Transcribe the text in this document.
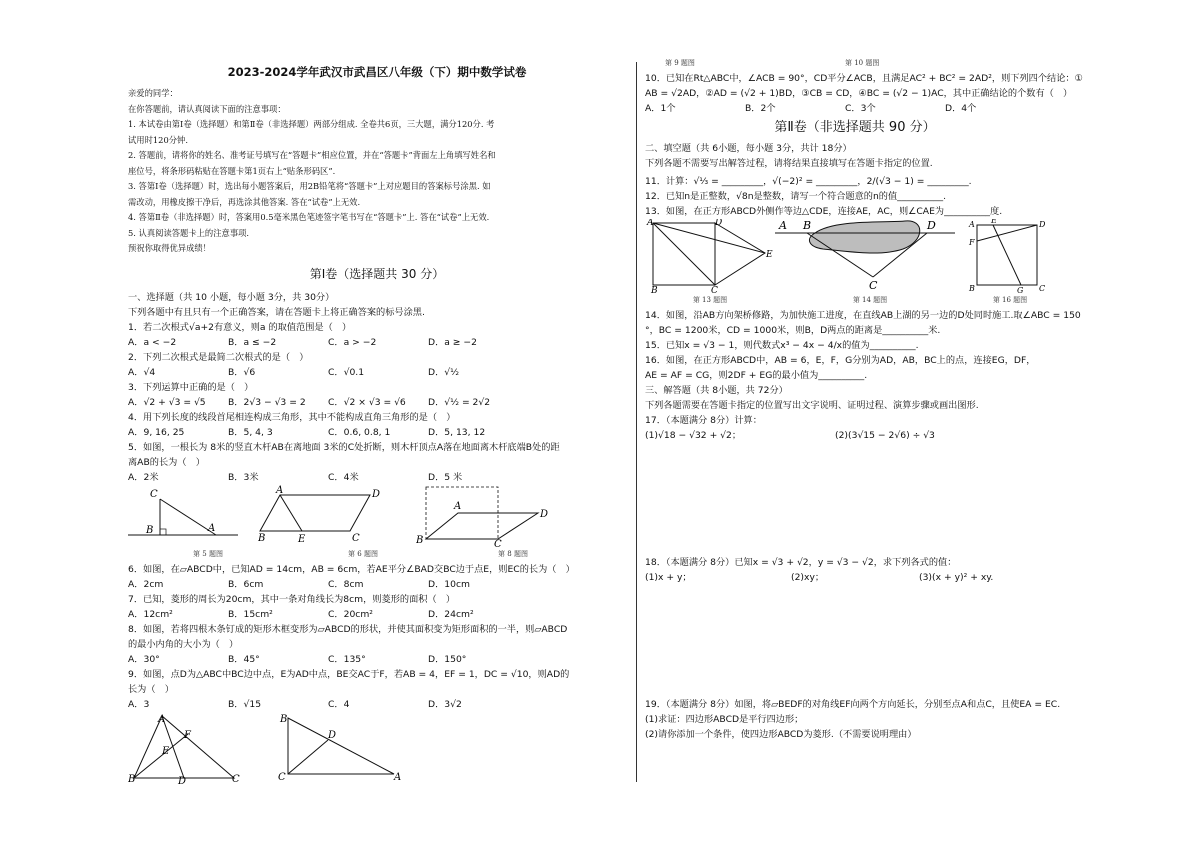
2023-2024学年武汉市武昌区八年级（下）期中数学试卷
亲爱的同学：
在你答题前，请认真阅读下面的注意事项：
1. 本试卷由第Ⅰ卷（选择题）和第Ⅱ卷（非选择题）两部分组成. 全卷共6页，三大题，满分120分. 考
试用时120分钟.
2. 答题前，请将你的姓名、准考证号填写在“答题卡”相应位置，并在“答题卡”背面左上角填写姓名和
座位号，将条形码粘贴在答题卡第1页右上“贴条形码区”.
3. 答第Ⅰ卷（选择题）时，选出每小题答案后，用2B铅笔将“答题卡”上对应题目的答案标号涂黑. 如
需改动，用橡皮擦干净后，再选涂其他答案. 答在“试卷”上无效.
4. 答第Ⅱ卷（非选择题）时，答案用0.5毫米黑色笔迹签字笔书写在“答题卡”上. 答在“试卷”上无效.
5. 认真阅读答题卡上的注意事项.
预祝你取得优异成绩！
第Ⅰ卷（选择题共 30 分）
一、选择题（共 10 小题，每小题 3分，共 30分）
下列各题中有且只有一个正确答案，请在答题卡上将正确答案的标号涂黑.
1．若二次根式√a+2有意义，则a 的取值范围是（　）
A．a < −2	B．a ≤ −2	C．a > −2	D．a ≥ −2
2．下列二次根式是最简二次根式的是（　）
A．√4	B．√6	C．√0.1	D．√½
3．下列运算中正确的是（　）
A．√2 + √3 = √5	B．2√3 − √3 = 2	C．√2 × √3 = √6	D．√½ = 2√2
4．用下列长度的线段首尾相连构成三角形，其中不能构成直角三角形的是（　）
A．9, 16, 25	B．5, 4, 3	C．0.6, 0.8, 1	D．5, 13, 12
5．如图，一根长为 8米的竖直木杆AB在离地面 3米的C处折断，则木杆顶点A落在地面离木杆底端B处的距
离AB的长为（　）
A．2米	B．3米	C．4米	D．5 米
C
B	A
A	D
B	E	C
A
D
B	C
第 5 题图	第 6 题图	第 8 题图
6．如图，在▱ABCD中，已知AD = 14cm，AB = 6cm，若AE平分∠BAD交BC边于点E，则EC的长为（　）
A．2cm	B．6cm	C．8cm	D．10cm
7．已知，菱形的周长为20cm，其中一条对角线长为8cm，则菱形的面积（　）
A．12cm²	B．15cm²	C．20cm²	D．24cm²
8．如图，若将四根木条钉成的矩形木框变形为▱ABCD的形状，并使其面积变为矩形面积的一半，则▱ABCD
的最小内角的大小为（　）
A．30°	B．45°	C．135°	D．150°
9．如图，点D为△ABC中BC边中点，E为AD中点，BE交AC于F，若AB = 4，EF = 1，DC = √10，则AD的
长为（　）
A．3	B．√15	C．4	D．3√2
A
F
E
B	D	C
B
D
C	A
第 9 题图	第 10 题图
10．已知在Rt△ABC中，∠ACB = 90°，CD平分∠ACB，且满足AC² + BC² = 2AD²，则下列四个结论：①
AB = √2AD，②AD = (√2 + 1)BD，③CB = CD，④BC = (√2 − 1)AC，其中正确结论的个数有（　）
A．1个	B．2个	C．3个	D．4个
第Ⅱ卷（非选择题共 90 分）
二、填空题（共 6小题，每小题 3分，共计 18分）
下列各题不需要写出解答过程，请将结果直接填写在答题卡指定的位置.
11．计算：√⅓ = _________，√(−2)² = _________，2/(√3 − 1) = _________.
12．已知n是正整数，√8n是整数，请写一个符合题意的n的值__________.
13．如图，在正方形ABCD外侧作等边△CDE，连接AE，AC，则∠CAE为__________度.
A	D
E
B	C
A B	D
C
A E	D
F
B	G C
第 13 题图	第 14 题图	第 16 题图
14．如图，沿AB方向架桥修路，为加快施工进度，在直线AB上湖的另一边的D处同时施工.取∠ABC = 150
°，BC = 1200米，CD = 1000米，则B，D两点的距离是__________米.
15．已知x = √3 − 1，则代数式x³ − 4x − 4/x的值为__________.
16．如图，在正方形ABCD中，AB = 6，E，F，G分别为AD，AB，BC上的点，连接EG，DF，
AE = AF = CG，则2DF + EG的最小值为__________.
三、解答题（共 8小题，共 72分）
下列各题需要在答题卡指定的位置写出文字说明、证明过程、演算步骤或画出图形.
17．（本题满分 8分）计算：
(1)√18 − √32 + √2；	(2)(3√15 − 2√6) ÷ √3
18．（本题满分 8分）已知x = √3 + √2，y = √3 − √2，求下列各式的值：
(1)x + y；	(2)xy；	(3)(x + y)² + xy.
19．（本题满分 8分）如图，将▱BEDF的对角线EF向两个方向延长，分别至点A和点C，且使EA = EC.
(1)求证：四边形ABCD是平行四边形；
(2)请你添加一个条件，使四边形ABCD为菱形.（不需要说明理由）
